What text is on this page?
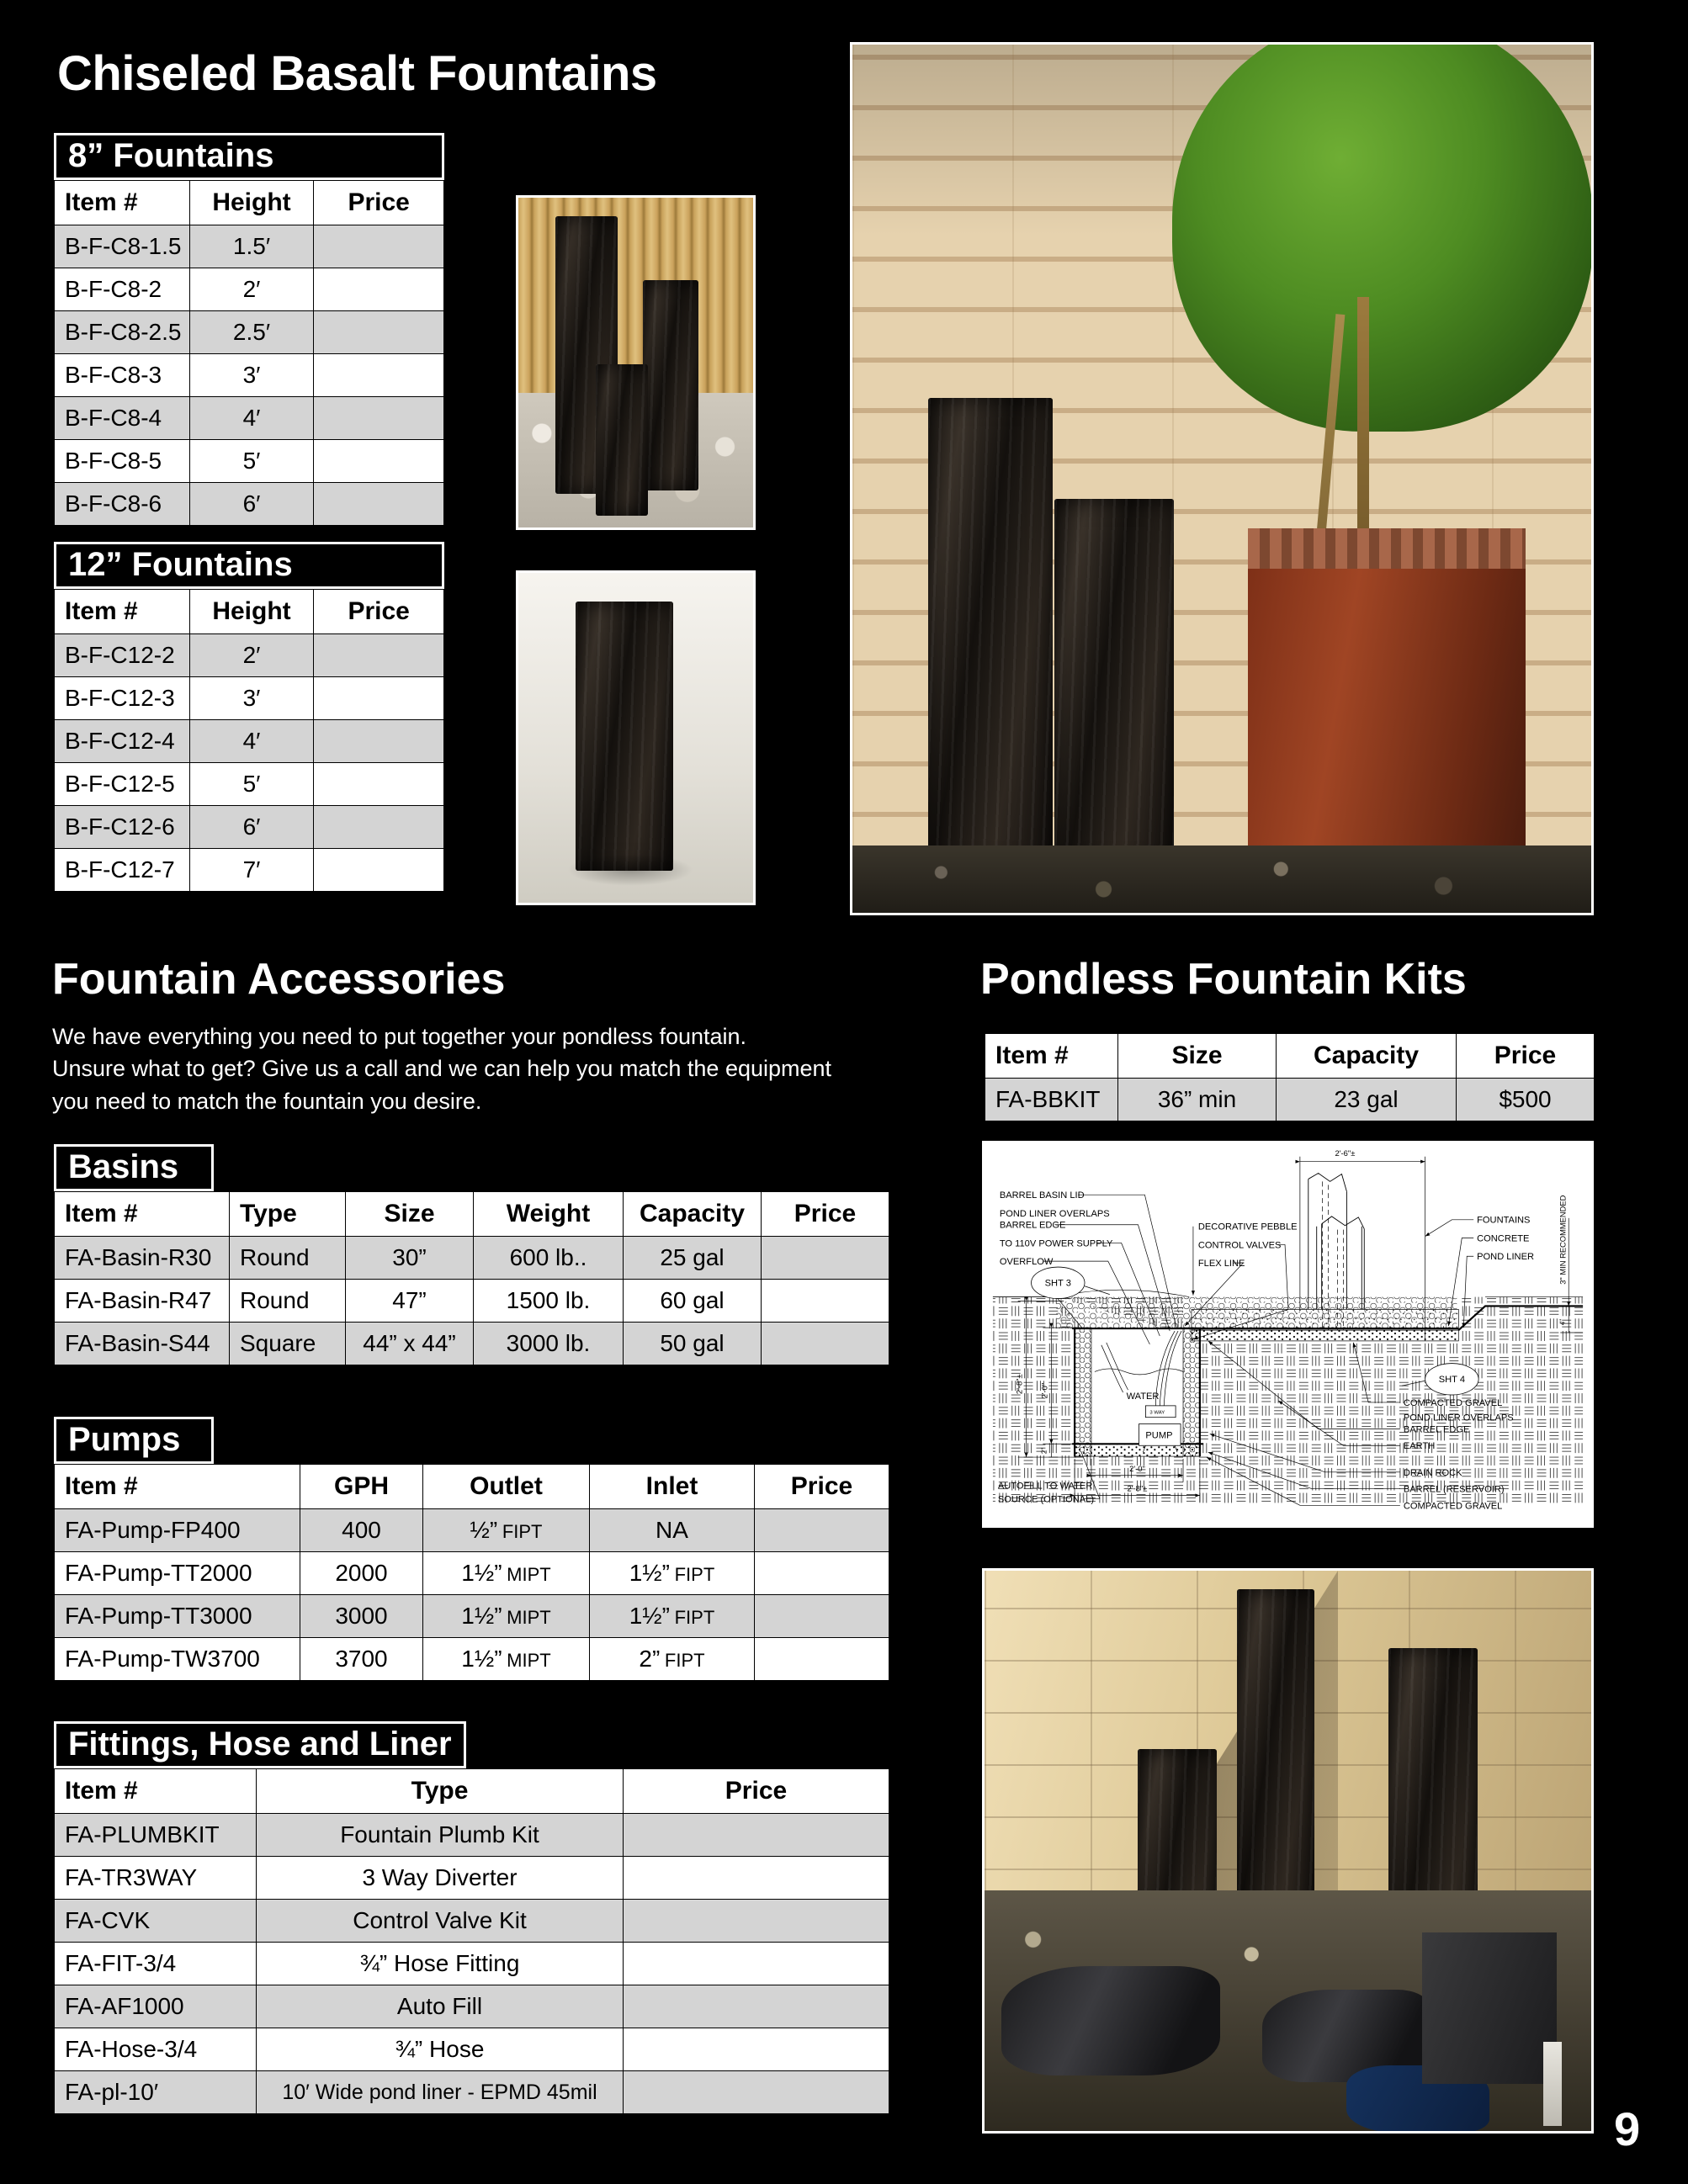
Chiseled Basalt Fountains
8” Fountains
Item #	Height	Price
B-F-C8-1.5	1.5′	
B-F-C8-2	2′	
B-F-C8-2.5	2.5′	
B-F-C8-3	3′	
B-F-C8-4	4′	
B-F-C8-5	5′	
B-F-C8-6	6′	
12” Fountains
Item #	Height	Price
B-F-C12-2	2′	
B-F-C12-3	3′	
B-F-C12-4	4′	
B-F-C12-5	5′	
B-F-C12-6	6′	
B-F-C12-7	7′	
Fountain Accessories
We have everything you need to put together your pondless fountain.
Unsure what to get? Give us a call and we can help you match the equipment
you need to match the fountain you desire.
Basins
Item #	Type	Size	Weight	Capacity	Price
FA-Basin-R30	Round	30”	600 lb..	25 gal	
FA-Basin-R47	Round	47”	1500 lb.	60 gal	
FA-Basin-S44	Square	44” x 44”	3000 lb.	50 gal	
Pumps
Item #	GPH	Outlet	Inlet	Price
FA-Pump-FP400	400	½”  FIPT	NA	
FA-Pump-TT2000	2000	1½”  MIPT	1½”  FIPT	
FA-Pump-TT3000	3000	1½”  MIPT	1½”  FIPT	
FA-Pump-TW3700	3700	1½”  MIPT	2”  FIPT	
Fittings, Hose and Liner
Item #	Type	Price
FA-PLUMBKIT	Fountain Plumb Kit	
FA-TR3WAY	3 Way Diverter	
FA-CVK	Control Valve Kit	
FA-FIT-3/4	¾” Hose Fitting	
FA-AF1000	Auto Fill	
FA-Hose-3/4	¾” Hose	
FA-pl-10′	10′ Wide pond liner - EPMD 45mil	
Pondless Fountain Kits
Item #	Size	Capacity	Price
FA-BBKIT	36” min	23 gal	$500
WATER
PUMP
3 WAY
2'-6"±
3" MIN RECOMMENDED
4"
2'-8"± 2'-0"
2"
2'-0"
2'-8"±
BARREL BASIN LID
POND LINER OVERLAPS
BARREL EDGE
TO 110V POWER SUPPLY
OVERFLOW
SHT 3
DECORATIVE PEBBLE
CONTROL VALVES
FLEX LINE
FOUNTAINS
CONCRETE
POND LINER
SHT 4
COMPACTED GRAVEL
POND LINER OVERLAPS
BARREL EDGE
EARTH
DRAIN ROCK
BARREL (RESERVOIR)
COMPACTED GRAVEL
AUTOFILL TO WATER
SOURCE (OPTIONAL)
9
